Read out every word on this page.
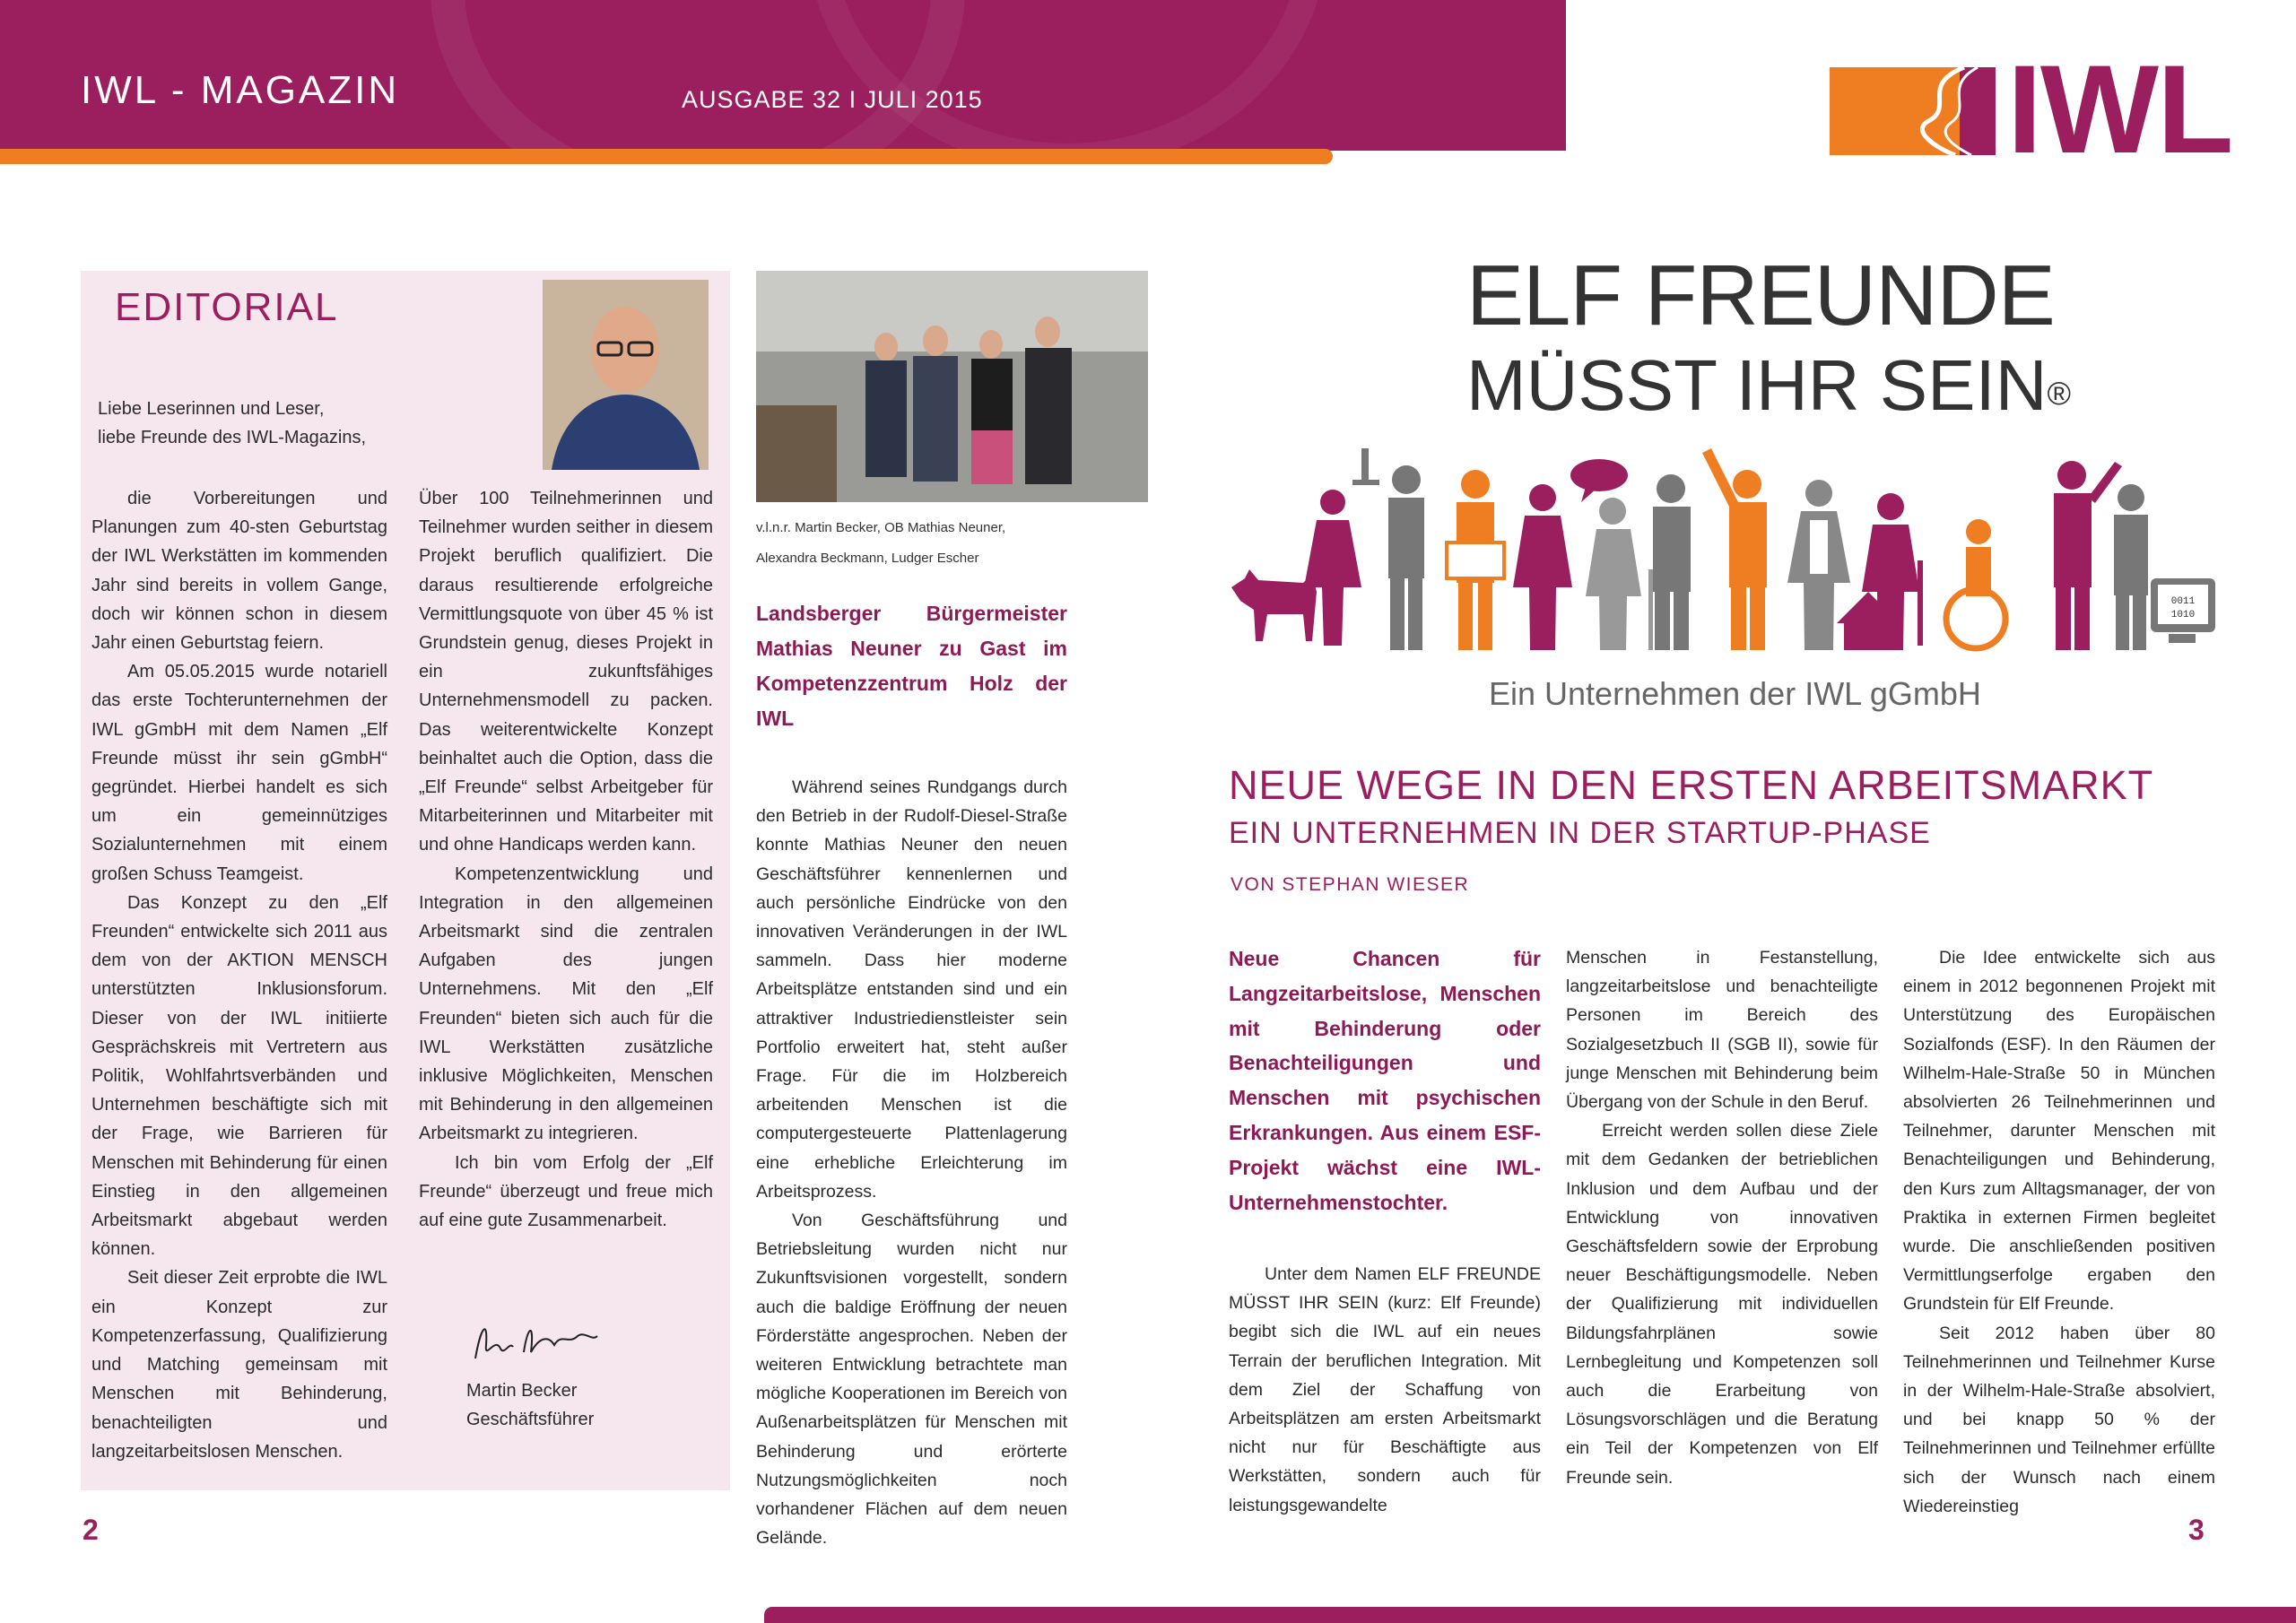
IWL - MAGAZIN	AUSGABE 32 I JULI 2015	IWL
EDITORIAL
Liebe Leserinnen und Leser,
liebe Freunde des IWL-Magazins,

die Vorbereitungen und Planungen zum 40-sten Geburtstag der IWL Werkstätten im kommenden Jahr sind bereits in vollem Gange, doch wir können schon in diesem Jahr einen Geburtstag feiern.

Am 05.05.2015 wurde notariell das erste Tochterunternehmen der IWL gGmbH mit dem Namen „Elf Freunde müsst ihr sein gGmbH“ gegründet. Hierbei handelt es sich um ein gemeinnütziges Sozialunternehmen mit einem großen Schuss Teamgeist.

Das Konzept zu den „Elf Freunden“ entwickelte sich 2011 aus dem von der AKTION MENSCH unterstützten Inklusionsforum. Dieser von der IWL initiierte Gesprächskreis mit Vertretern aus Politik, Wohlfahrtsverbänden und Unternehmen beschäftigte sich mit der Frage, wie Barrieren für Menschen mit Behinderung für einen Einstieg in den allgemeinen Arbeitsmarkt abgebaut werden können.

Seit dieser Zeit erprobte die IWL ein Konzept zur Kompetenzerfassung, Qualifizierung und Matching gemeinsam mit Menschen mit Behinderung, benachteiligten und langzeitarbeitslosen Menschen.

Über 100 Teilnehmerinnen und Teilnehmer wurden seither in diesem Projekt beruflich qualifiziert. Die daraus resultierende erfolgreiche Vermittlungsquote von über 45 % ist Grundstein genug, dieses Projekt in ein zukunftsfähiges Unternehmensmodell zu packen. Das weiterentwickelte Konzept beinhaltet auch die Option, dass die „Elf Freunde“ selbst Arbeitgeber für Mitarbeiterinnen und Mitarbeiter mit und ohne Handicaps werden kann.

Kompetenzentwicklung und Integration in den allgemeinen Arbeitsmarkt sind die zentralen Aufgaben des jungen Unternehmens. Mit den „Elf Freunden“ bieten sich auch für die IWL Werkstätten zusätzliche inklusive Möglichkeiten, Menschen mit Behinderung in den allgemeinen Arbeitsmarkt zu integrieren.

Ich bin vom Erfolg der „Elf Freunde“ überzeugt und freue mich auf eine gute Zusammenarbeit.

Martin Becker
Geschäftsführer
v.l.n.r. Martin Becker, OB Mathias Neuner,
Alexandra Beckmann, Ludger Escher
Landsberger Bürgermeister Mathias Neuner zu Gast im Kompetenzzentrum Holz der IWL

Während seines Rundgangs durch den Betrieb in der Rudolf-Diesel-Straße konnte Mathias Neuner den neuen Geschäftsführer kennenlernen und auch persönliche Eindrücke von den innovativen Veränderungen in der IWL sammeln. Dass hier moderne Arbeitsplätze entstanden sind und ein attraktiver Industriedienstleister sein Portfolio erweitert hat, steht außer Frage. Für die im Holzbereich arbeitenden Menschen ist die computergesteuerte Plattenlagerung eine erhebliche Erleichterung im Arbeitsprozess.

Von Geschäftsführung und Betriebsleitung wurden nicht nur Zukunftsvisionen vorgestellt, sondern auch die baldige Eröffnung der neuen Förderstätte angesprochen. Neben der weiteren Entwicklung betrachtete man mögliche Kooperationen im Bereich von Außenarbeitsplätzen für Menschen mit Behinderung und erörterte Nutzungsmöglichkeiten noch vorhandener Flächen auf dem neuen Gelände.

ELF FREUNDE
MÜSST IHR SEIN®
0011
1010
Ein Unternehmen der IWL gGmbH
NEUE WEGE IN DEN ERSTEN ARBEITSMARKT
EIN UNTERNEHMEN IN DER STARTUP-PHASE
VON STEPHAN WIESER
Neue Chancen für Langzeitarbeitslose, Menschen mit Behinderung oder Benachteiligungen und Menschen mit psychischen Erkrankungen. Aus einem ESF-Projekt wächst eine IWL-Unternehmenstochter.

Unter dem Namen ELF FREUNDE MÜSST IHR SEIN (kurz: Elf Freunde) begibt sich die IWL auf ein neues Terrain der beruflichen Integration. Mit dem Ziel der Schaffung von Arbeitsplätzen am ersten Arbeitsmarkt nicht nur für Beschäftigte aus Werkstätten, sondern auch für leistungsgewandelte

Menschen in Festanstellung, langzeitarbeitslose und benachteiligte Personen im Bereich des Sozialgesetzbuch II (SGB II), sowie für junge Menschen mit Behinderung beim Übergang von der Schule in den Beruf.

Erreicht werden sollen diese Ziele mit dem Gedanken der betrieblichen Inklusion und dem Aufbau und der Entwicklung von innovativen Geschäftsfeldern sowie der Erprobung neuer Beschäftigungsmodelle. Neben der Qualifizierung mit individuellen Bildungsfahrplänen sowie Lernbegleitung und Kompetenzen soll auch die Erarbeitung von Lösungsvorschlägen und die Beratung ein Teil der Kompetenzen von Elf Freunde sein.

Die Idee entwickelte sich aus einem in 2012 begonnenen Projekt mit Unterstützung des Europäischen Sozialfonds (ESF). In den Räumen der Wilhelm-Hale-Straße 50 in München absolvierten 26 Teilnehmerinnen und Teilnehmer, darunter Menschen mit Benachteiligungen und Behinderung, den Kurs zum Alltagsmanager, der von Praktika in externen Firmen begleitet wurde. Die anschließenden positiven Vermittlungserfolge ergaben den Grundstein für Elf Freunde.

Seit 2012 haben über 80 Teilnehmerinnen und Teilnehmer Kurse in der Wilhelm-Hale-Straße absolviert, und bei knapp 50 % der Teilnehmerinnen und Teilnehmer erfüllte sich der Wunsch nach einem Wiedereinstieg

2	3
